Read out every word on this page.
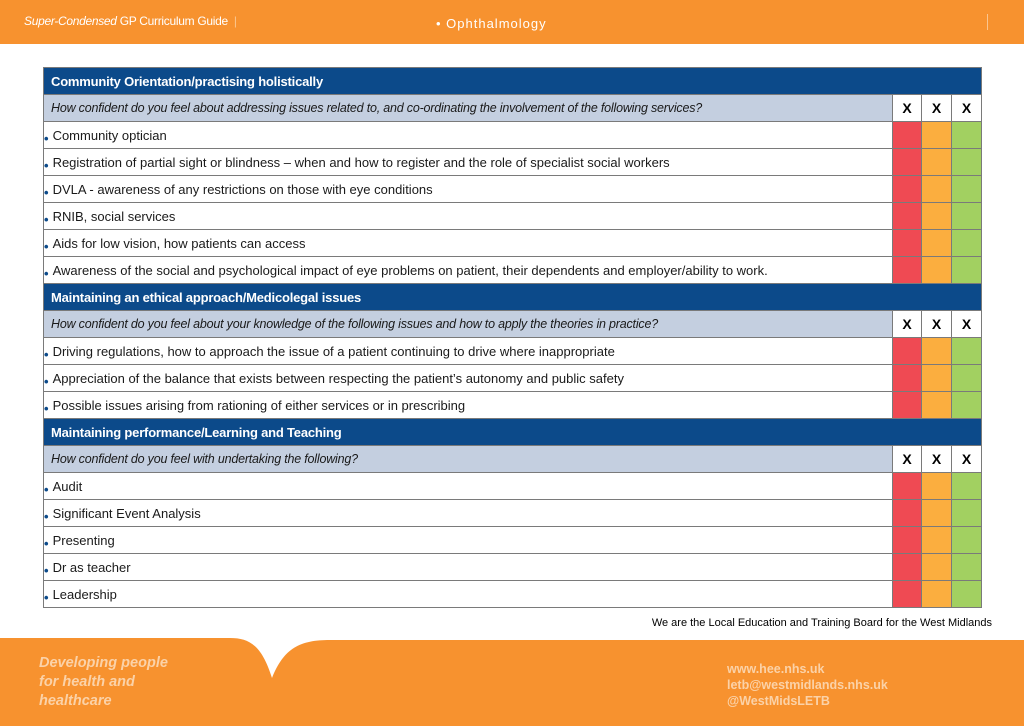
Super-Condensed GP Curriculum Guide |	• Ophthalmology
Community Orientation/practising holistically			
How confident do you feel about addressing issues related to, and co-ordinating the involvement of the following services?	X	X	X
• Community optician			
• Registration of partial sight or blindness – when and how to register and the role of specialist social workers			
• DVLA - awareness of any restrictions on those with eye conditions			
• RNIB, social services			
• Aids for low vision, how patients can access			
• Awareness of the social and psychological impact of eye problems on patient, their dependents and employer/ability to work.			
Maintaining an ethical approach/Medicolegal issues			
How confident do you feel about your knowledge of the following issues and how to apply the theories in practice?	X	X	X
• Driving regulations, how to approach the issue of a patient continuing to drive where inappropriate			
• Appreciation of the balance that exists between respecting the patient’s autonomy and public safety			
• Possible issues arising from rationing of either services or in prescribing			
Maintaining performance/Learning and Teaching			
How confident do you feel with undertaking the following?	X	X	X
• Audit			
• Significant Event Analysis			
• Presenting			
• Dr as teacher			
• Leadership			
We are the Local Education and Training Board for the West Midlands
Developing people
for health and
healthcare
www.hee.nhs.uk
letb@westmidlands.nhs.uk
@WestMidsLETB
